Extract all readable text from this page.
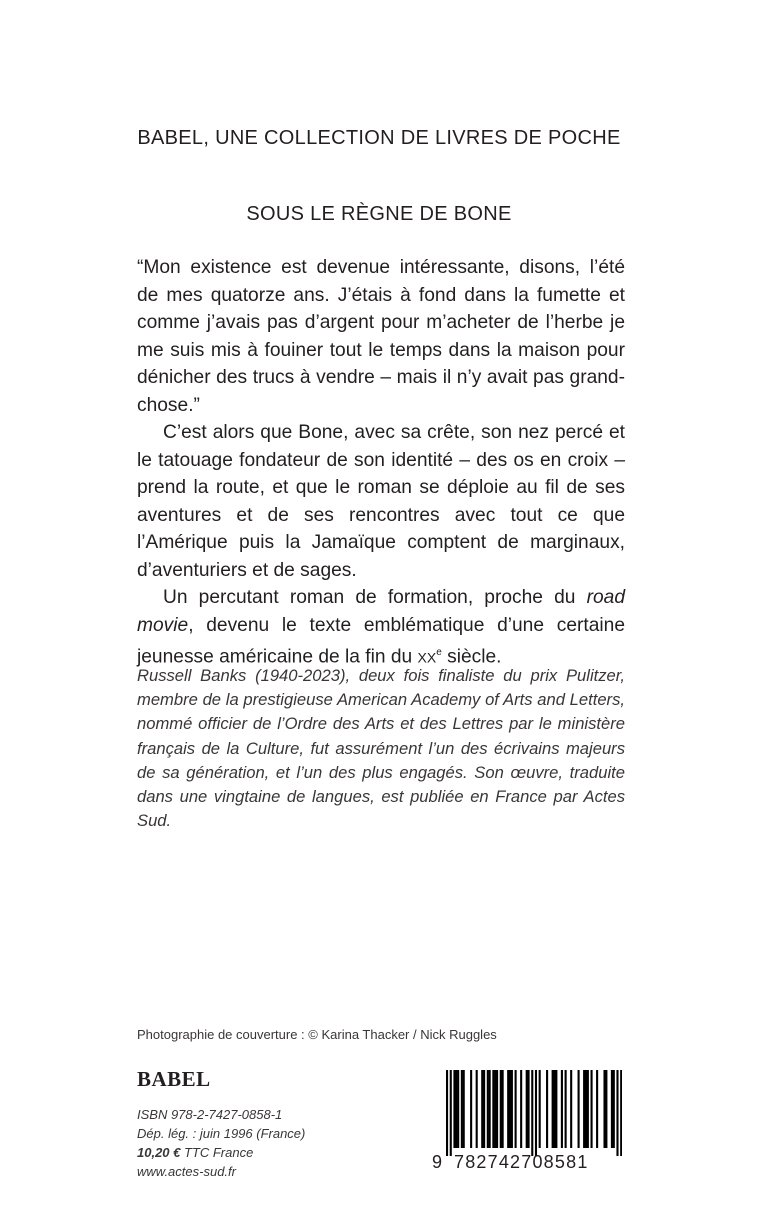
BABEL, UNE COLLECTION DE LIVRES DE POCHE
SOUS LE RÈGNE DE BONE

“Mon existence est devenue intéressante, disons, l’été de mes quatorze ans. J’étais à fond dans la fumette et comme j’avais pas d’argent pour m’acheter de l’herbe je me suis mis à fouiner tout le temps dans la maison pour dénicher des trucs à vendre – mais il n’y avait pas grand-chose.”

C’est alors que Bone, avec sa crête, son nez percé et le tatouage fondateur de son identité – des os en croix – prend la route, et que le roman se déploie au fil de ses aventures et de ses rencontres avec tout ce que l’Amérique puis la Jamaïque comptent de marginaux, d’aventuriers et de sages.

Un percutant roman de formation, proche du road movie, devenu le texte emblématique d’une certaine jeunesse américaine de la fin du XXe siècle.

Russell Banks (1940-2023), deux fois finaliste du prix Pulitzer, membre de la prestigieuse American Academy of Arts and Letters, nommé officier de l’Ordre des Arts et des Lettres par le ministère français de la Culture, fut assurément l’un des écrivains majeurs de sa génération, et l’un des plus engagés. Son œuvre, traduite dans une vingtaine de langues, est publiée en France par Actes Sud.
Photographie de couverture : © Karina Thacker / Nick Ruggles
BABEL
ISBN 978-2-7427-0858-1
Dép. lég. : juin 1996 (France)
10,20 € TTC France
www.actes-sud.fr	9 782742708581
